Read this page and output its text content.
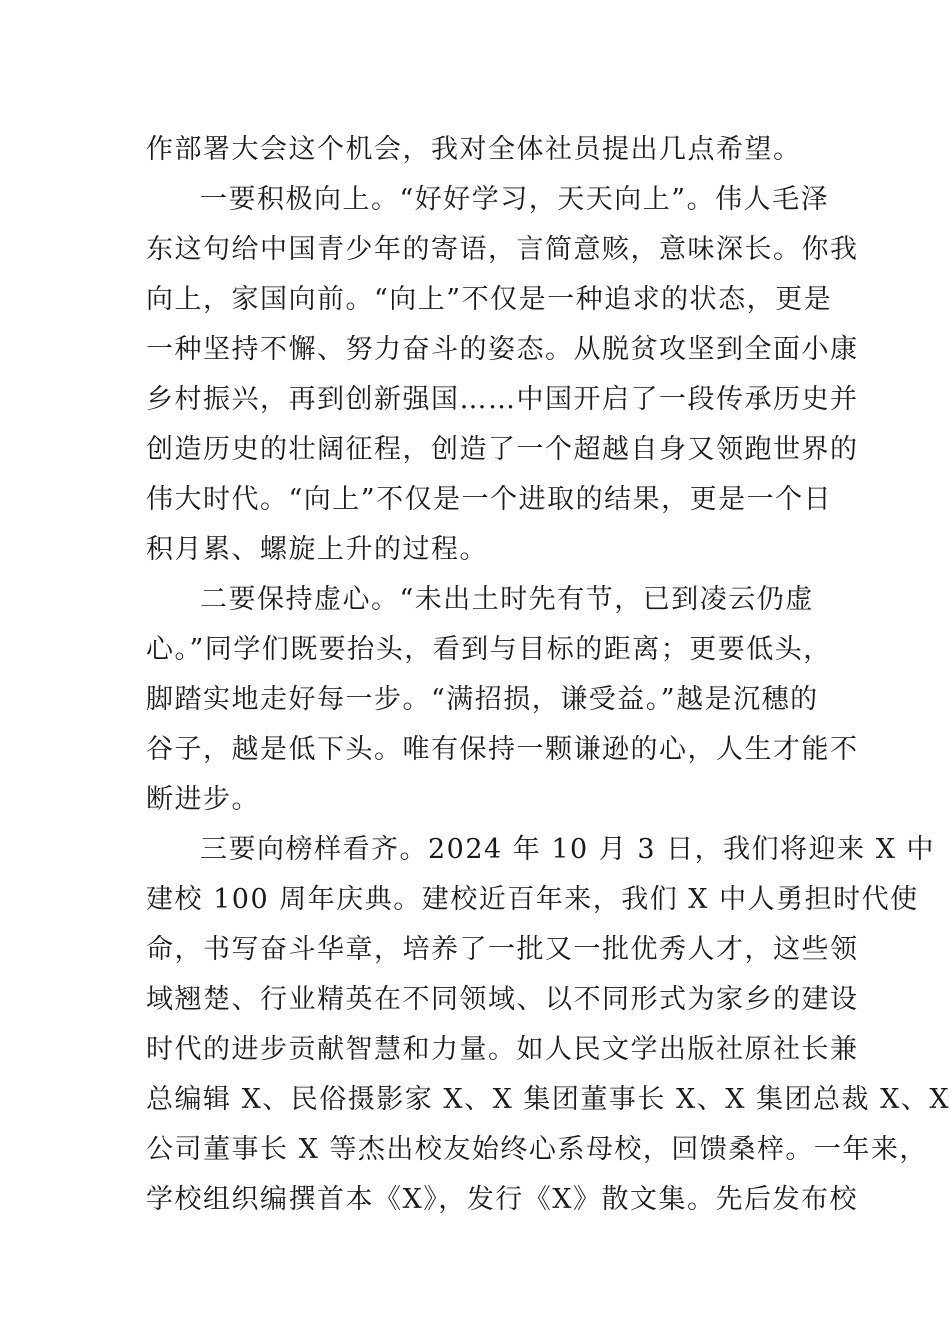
作部署大会这个机会，我对全体社员提出几点希望。

一要积极向上。“好好学习，天天向上”。伟人毛泽

东这句给中国青少年的寄语，言简意赅，意味深长。你我

向上，家国向前。“向上”不仅是一种追求的状态，更是

一种坚持不懈、努力奋斗的姿态。从脱贫攻坚到全面小康

乡村振兴，再到创新强国……中国开启了一段传承历史并

创造历史的壮阔征程，创造了一个超越自身又领跑世界的

伟大时代。“向上”不仅是一个进取的结果，更是一个日

积月累、螺旋上升的过程。

二要保持虚心。“未出土时先有节，已到凌云仍虚

心。”同学们既要抬头，看到与目标的距离；更要低头，

脚踏实地走好每一步。“满招损，谦受益。”越是沉穗的

谷子，越是低下头。唯有保持一颗谦逊的心，人生才能不

断进步。

三要向榜样看齐。2024 年 10 月 3 日，我们将迎来 X 中

建校 100 周年庆典。建校近百年来，我们 X 中人勇担时代使

命，书写奋斗华章，培养了一批又一批优秀人才，这些领

域翘楚、行业精英在不同领域、以不同形式为家乡的建设

时代的进步贡献智慧和力量。如人民文学出版社原社长兼

总编辑 X、民俗摄影家 X、X 集团董事长 X、X 集团总裁 X、X

公司董事长 X 等杰出校友始终心系母校，回馈桑梓。一年来，

学校组织编撰首本《X》，发行《X》散文集。先后发布校
